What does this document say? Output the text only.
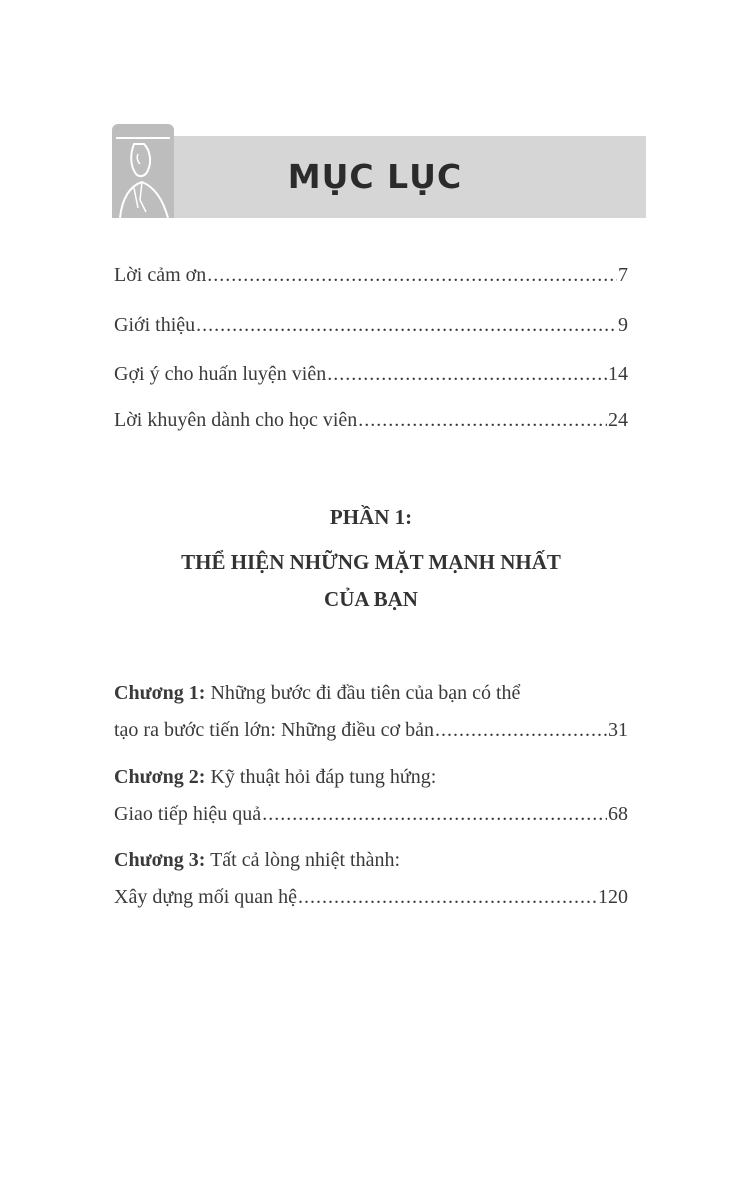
MỤC LỤC
Lời cảm ơn .....	7
Giới thiệu .....	9
Gợi ý cho huấn luyện viên .....	14
Lời khuyên dành cho học viên .....	24
PHẦN 1:
THỂ HIỆN NHỮNG MẶT MẠNH NHẤT
CỦA BẠN
Chương 1: Những bước đi đầu tiên của bạn có thể
tạo ra bước tiến lớn: Những điều cơ bản .....	31
Chương 2: Kỹ thuật hỏi đáp tung hứng:
Giao tiếp hiệu quả .....	68
Chương 3: Tất cả lòng nhiệt thành:
Xây dựng mối quan hệ .....	120
